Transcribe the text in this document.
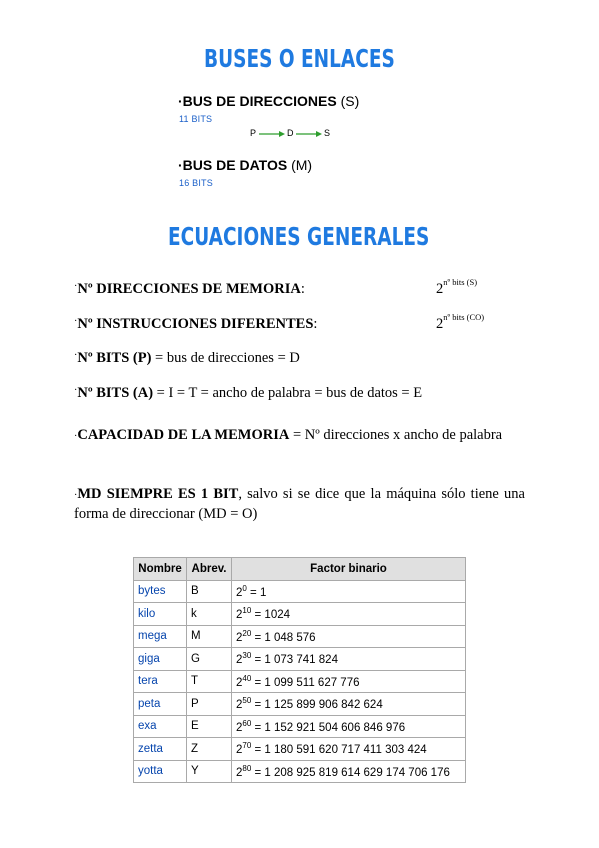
BUSES O ENLACES
·BUS DE DIRECCIONES (S)
11 BITS
P	D	S
·BUS DE DATOS (M)
16 BITS
ECUACIONES GENERALES
·Nº DIRECCIONES DE MEMORIA:	$2^{nº bits (S)}$
·Nº INSTRUCCIONES DIFERENTES:	$2^{nº bits (CO)}$
·Nº BITS (P) = bus de direcciones = D
·Nº BITS (A) = I = T = ancho de palabra = bus de datos = E
·CAPACIDAD DE LA MEMORIA = Nº direcciones x ancho de palabra
·MD SIEMPRE ES 1 BIT, salvo si se dice que la máquina sólo tiene una forma de direccionar (MD = O)
Nombre	Abrev.	Factor binario
bytes	B	$2^0 = 1$
kilo	k	$2^{10} = 1024$
mega	M	$2^{20} = 1$ 048 576
giga	G	$2^{30} = 1$ 073 741 824
tera	T	$2^{40} = 1$ 099 511 627 776
peta	P	$2^{50} = 1$ 125 899 906 842 624
exa	E	$2^{60} = 1$ 152 921 504 606 846 976
zetta	Z	$2^{70} = 1$ 180 591 620 717 411 303 424
yotta	Y	$2^{80} = 1$ 208 925 819 614 629 174 706 176
